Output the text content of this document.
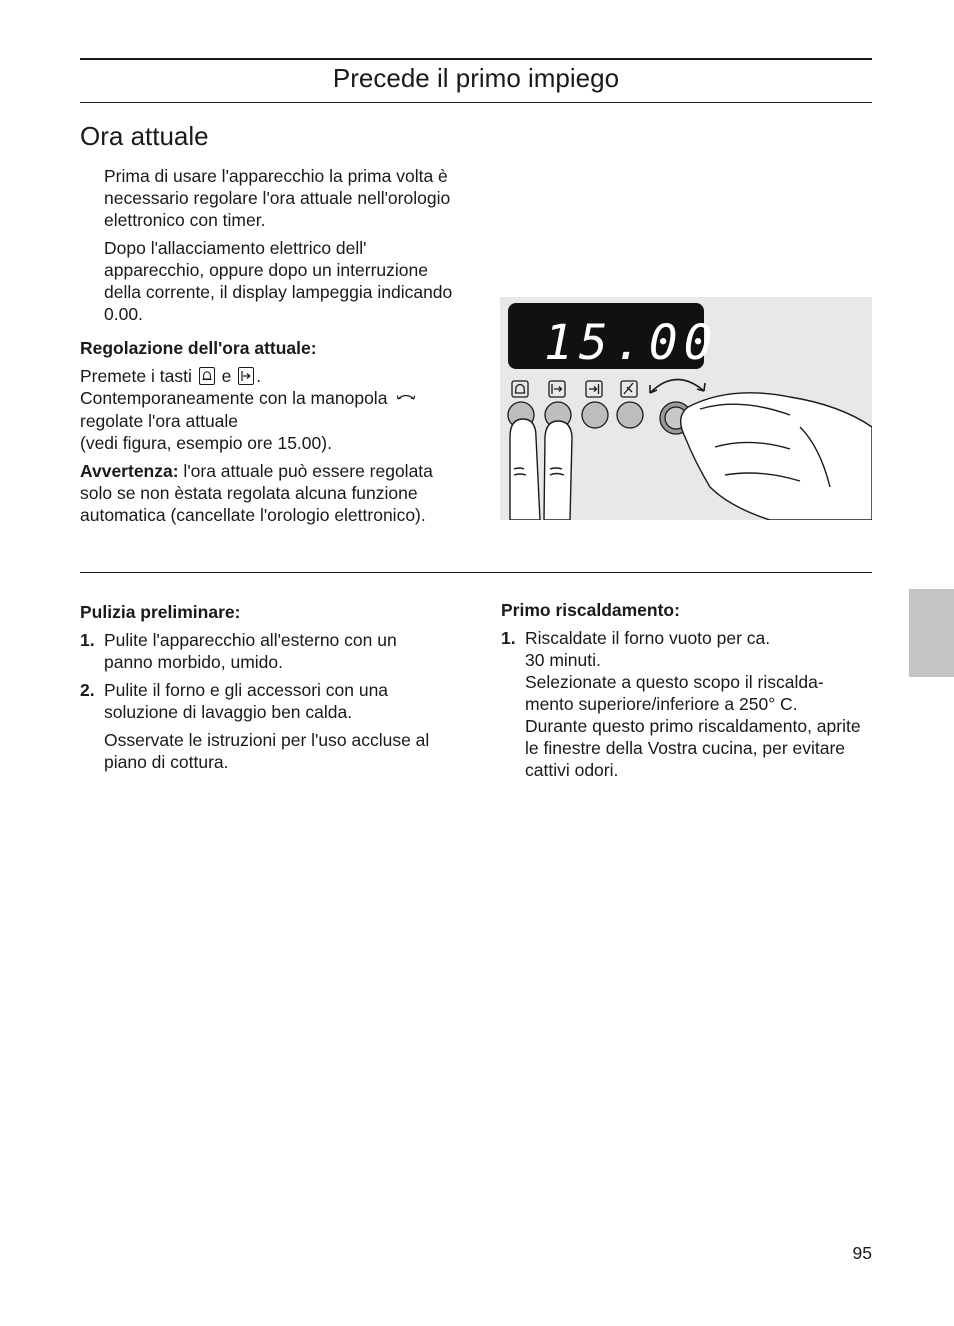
Precede il primo impiego
Ora attuale

Prima di usare l'apparecchio la prima volta è necessario regolare l'ora attuale nell'orologio elettronico con timer.

Dopo l'allacciamento elettrico dell' apparecchio, oppure dopo un interruzione della corrente, il display lampeggia indicando 0.00.

Regolazione dell'ora attuale:

Premete i tasti e .

Contemporaneamente con la manopola

regolate l'ora attuale

(vedi figura, esempio ore 15.00).

Avvertenza: l'ora attuale può essere regolata solo se non èstata regolata alcuna funzione automatica (cancellate l'orologio elettronico).

15.00

Pulizia preliminare:

1. Pulite l'apparecchio all'esterno con un panno morbido, umido.
2. Pulite il forno e gli accessori con una soluzione di lavaggio ben calda.

Osservate le istruzioni per l'uso accluse al piano di cottura.

Primo riscaldamento:

1. Riscaldate il forno vuoto per ca.
30 minuti.
Selezionate a questo scopo il riscalda-mento superiore/inferiore a 250° C.
Durante questo primo riscaldamento, aprite le finestre della Vostra cucina, per evitare cattivi odori.
95
